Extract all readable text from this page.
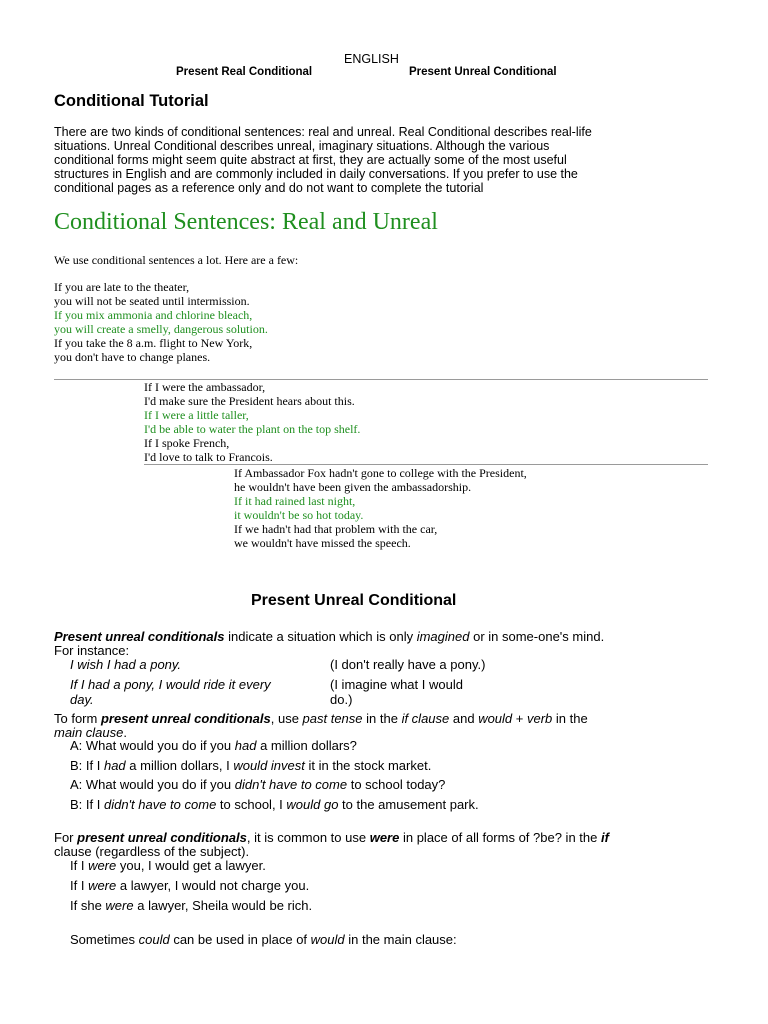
ENGLISH
Present Real Conditional	Present Unreal Conditional
Conditional Tutorial
There are two kinds of conditional sentences: real and unreal. Real Conditional describes real-life
situations. Unreal Conditional describes unreal, imaginary situations. Although the various
conditional forms might seem quite abstract at first, they are actually some of the most useful
structures in English and are commonly included in daily conversations. If you prefer to use the
conditional pages as a reference only and do not want to complete the tutorial
Conditional Sentences: Real and Unreal
We use conditional sentences a lot. Here are a few:
If you are late to the theater,
you will not be seated until intermission.
If you mix ammonia and chlorine bleach,
you will create a smelly, dangerous solution.
If you take the 8 a.m. flight to New York,
you don't have to change planes.
If I were the ambassador,
I'd make sure the President hears about this.
If I were a little taller,
I'd be able to water the plant on the top shelf.
If I spoke French,
I'd love to talk to Francois.
If Ambassador Fox hadn't gone to college with the President,
he wouldn't have been given the ambassadorship.
If it had rained last night,
it wouldn't be so hot today.
If we hadn't had that problem with the car,
we wouldn't have missed the speech.
Present Unreal Conditional
Present unreal conditionals indicate a situation which is only imagined or in some-one's mind.
For instance:
I wish I had a pony.	(I don't really have a pony.)
If I had a pony, I would ride it every
day.
(I imagine what I would
do.)
To form present unreal conditionals, use past tense in the if clause and would + verb in the
main clause.
A: What would you do if you had a million dollars?
B: If I had a million dollars, I would invest it in the stock market.
A: What would you do if you didn't have to come to school today?
B: If I didn't have to come to school, I would go to the amusement park.
For present unreal conditionals, it is common to use were in place of all forms of ?be? in the if
clause (regardless of the subject).
If I were you, I would get a lawyer.
If I were a lawyer, I would not charge you.
If she were a lawyer, Sheila would be rich.
Sometimes could can be used in place of would in the main clause:
